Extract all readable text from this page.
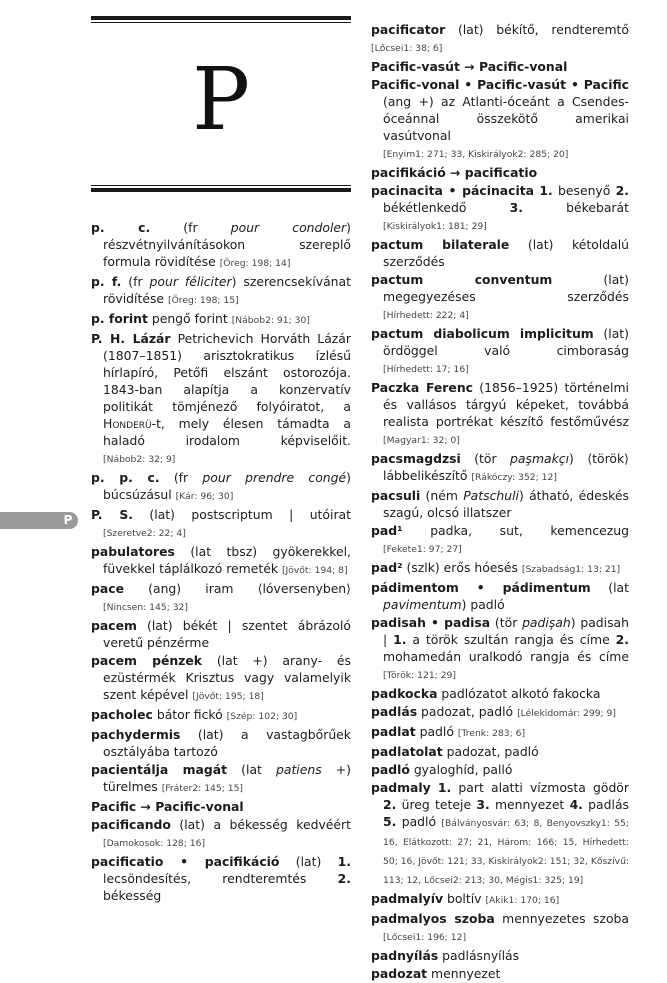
P
P
p. c. (fr pour condoler) részvétnyilvánításokon szereplő formula rövidítése [Öreg: 198; 14]
p. f. (fr pour féliciter) szerencsekívánat rövidítése [Öreg: 198; 15]
p. forint pengő forint [Nábob2: 91; 30]
P. H. Lázár Petrichevich Horváth Lázár (1807–1851) arisztokratikus ízlésű hírlapíró, Petőfi elszánt ostorozója. 1843-ban alapítja a konzervatív politikát tömjénező folyóiratot, a Honderü-t, mely élesen támadta a haladó irodalom képviselőit. [Nábob2: 32; 9]
p. p. c. (fr pour prendre congé) búcsúzásul [Kár: 96; 30]
P. S. (lat) postscriptum | utóirat [Szeretve2: 22; 4]
pabulatores (lat tbsz) gyökerekkel, füvekkel táplálkozó remeték [Jövőt: 194; 8]
pace (ang) iram ⟨lóversenyben⟩ [Nincsen: 145; 32]
pacem (lat) békét | szentet ábrázoló veretű pénzérme
pacem pénzek (lat +) arany- és ezüstérmék Krisztus vagy valamelyik szent képével [Jövőt: 195; 18]
pacholec bátor fickó [Szép: 102; 30]
pachydermis (lat) a vastagbőrűek osztályába tartozó
pacientálja magát (lat patiens +) türelmes [Fráter2: 145; 15]
Pacific → Pacific-vonal
pacificando (lat) a békesség kedvéért [Damokosok: 128; 16]
pacificatio • pacifikáció (lat) 1. lecsöndesítés, rendteremtés 2. békesség
pacificator (lat) békítő, rendteremtő [Lőcsei1: 38; 6]
Pacific-vasút → Pacific-vonal
Pacific-vonal • Pacific-vasút • Pacific (ang +) az Atlanti-óceánt a Csendes-óceánnal összekötő amerikai vasútvonal [Enyim1: 271; 33, Kiskirályok2: 285; 20]
pacifikáció → pacificatio
pacinacita • pácinacita 1. besenyő 2. békétlenkedő 3. békebarát [Kiskirályok1: 181; 29]
pactum bilaterale (lat) kétoldalú szerződés
pactum conventum (lat) megegyezéses szerződés [Hírhedett: 222; 4]
pactum diabolicum implicitum (lat) ördöggel való cimboraság [Hírhedett: 17; 16]
Paczka Ferenc (1856–1925) történelmi és vallásos tárgyú képeket, továbbá realista portrékat készítő festőművész [Magyar1: 32; 0]
pacsmagdzsi (tör paşmakçı) ⟨török⟩ lábbelikészítő [Rákóczy: 352; 12]
pacsuli (ném Patschuli) átható, édeskés szagú, olcsó illatszer
pad¹ padka, sut, kemencezug [Fekete1: 97; 27]
pad² (szlk) erős hóesés [Szabadság1: 13; 21]
pádimentom • pádimentum (lat pavimentum) padló
padisah • padisa (tör padişah) padisah | 1. a török szultán rangja és címe 2. mohamedán uralkodó rangja és címe [Török: 121; 29]
padkocka padlózatot alkotó fakocka
padlás padozat, padló [Lélekidomár: 299; 9]
padlat padló [Trenk: 283; 6]
padlatolat padozat, padló
padló gyaloghíd, palló
padmaly 1. part alatti vízmosta gödör 2. üreg teteje 3. mennyezet 4. padlás 5. padló [Bálványosvár: 63; 8, Benyovszky1: 55; 16, Elátkozott: 27; 21, Három: 166; 15, Hírhedett: 50; 16, Jövőt: 121; 33, Kiskirályok2: 151; 32, Kőszívű: 113; 12, Lőcsei2: 213; 30, Mégis1: 325; 19]
padmalyív boltív [Akik1: 170; 16]
padmalyos szoba mennyezetes szoba [Lőcsei1: 196; 12]
padnyílás padlásnyílás
padozat mennyezet
